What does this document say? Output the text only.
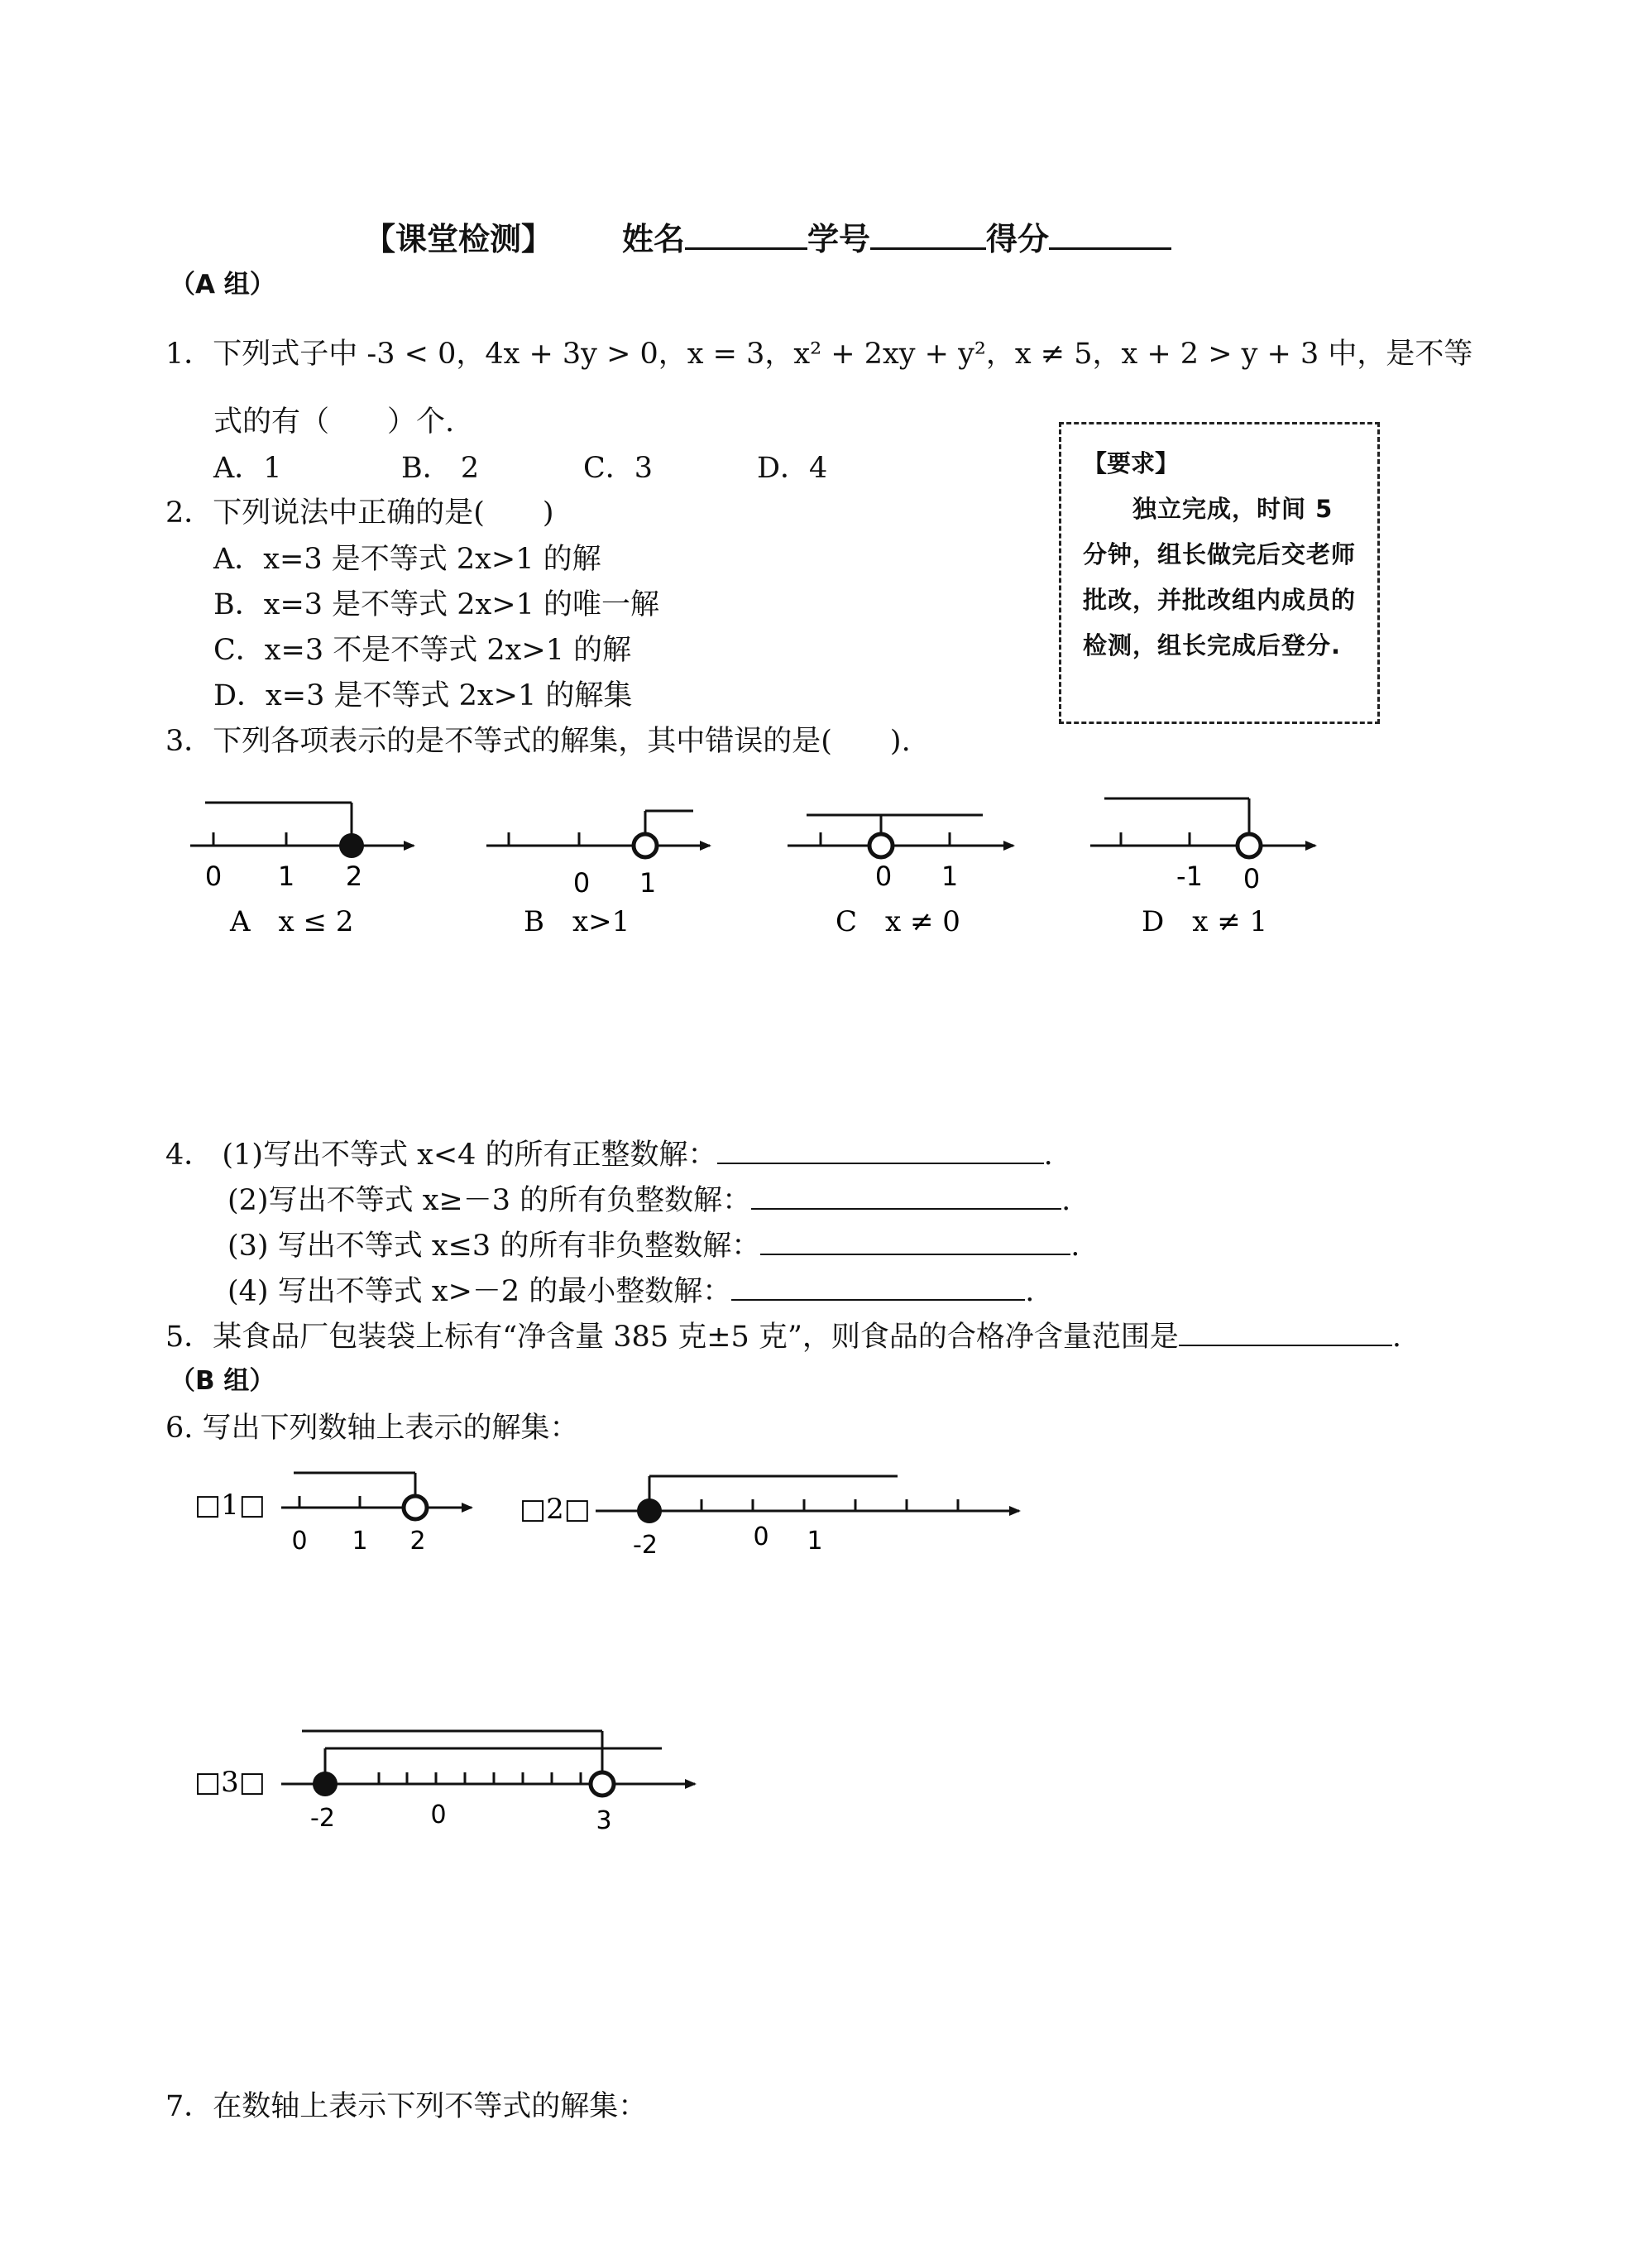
【课堂检测】 姓名	学号	得分
（A 组）
1．下列式子中 -3 < 0，4x + 3y > 0，x = 3，x² + 2xy + y²，x ≠ 5，x + 2 > y + 3 中，是不等
式的有（　　）个.
A．1	B． 2	C．3	D．4	【要求】
独立完成，时间 5 分钟，组长做完后交老师批改，并批改组内成员的检测，组长完成后登分.
2．下列说法中正确的是(　　)
A．x=3 是不等式 2x>1 的解
B．x=3 是不等式 2x>1 的唯一解
C．x=3 不是不等式 2x>1 的解
D．x=3 是不等式 2x>1 的解集
3．下列各项表示的是不等式的解集，其中错误的是(　　).
0 1 2
A　x ≤ 2
0 1
B　x>1
0 1
C　x ≠ 0
-1 0
D　x ≠ 1
4． (1)写出不等式 x<4 的所有正整数解：	.
(2)写出不等式 x≥－3 的所有负整数解：	.
(3) 写出不等式 x≤3 的所有非负整数解：	.
(4) 写出不等式 x>－2 的最小整数解：	.
5．某食品厂包装袋上标有“净含量 385 克±5 克”，则食品的合格净含量范围是	.
（B 组）
6. 写出下列数轴上表示的解集：
□1□
0 1 2
□2□
-2	0 1
□3□
-2	0	3
7．在数轴上表示下列不等式的解集：
